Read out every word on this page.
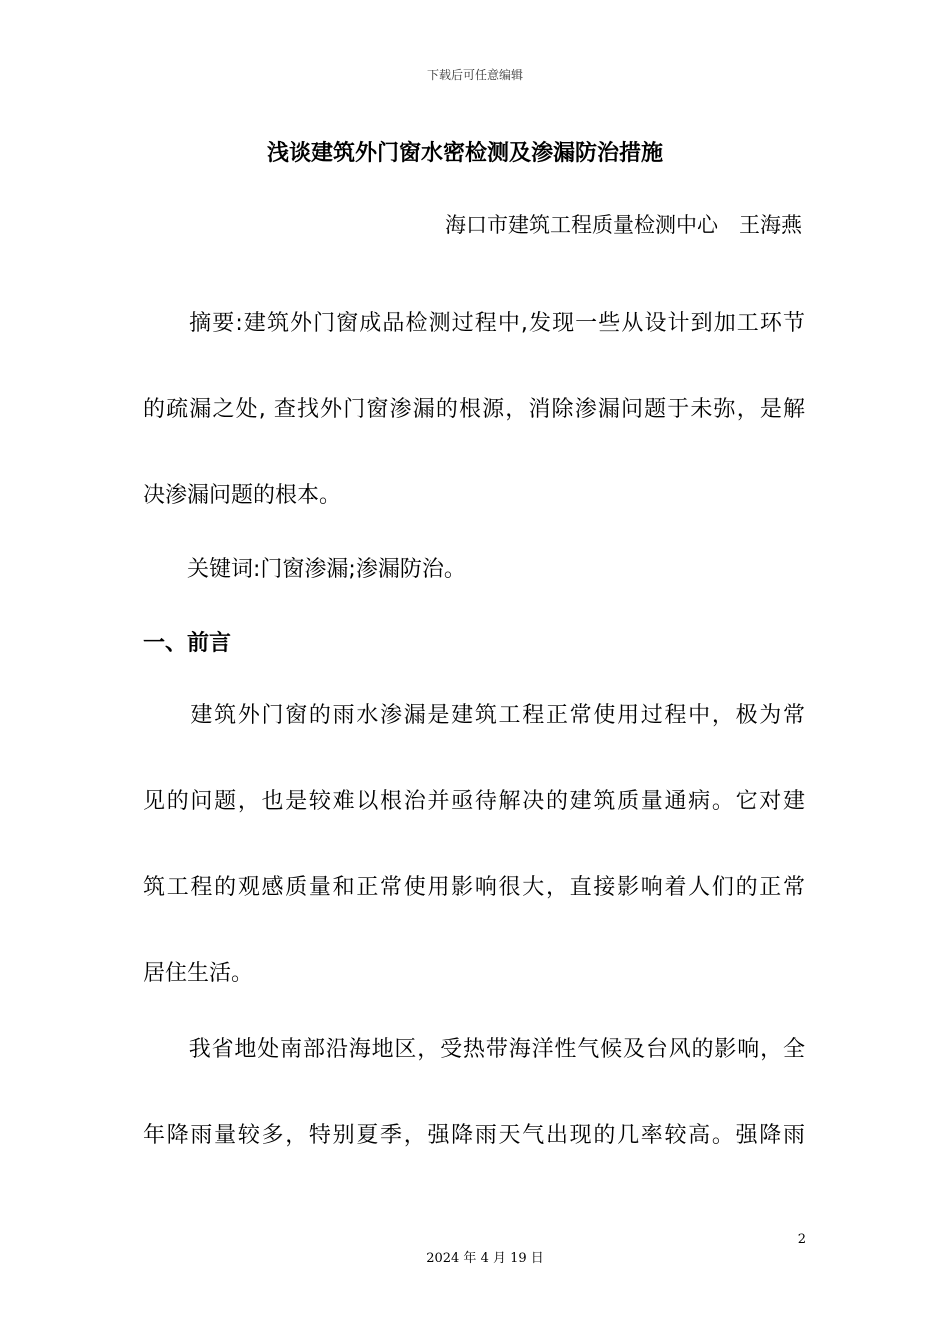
下载后可任意编辑
浅谈建筑外门窗水密检测及渗漏防治措施
海口市建筑工程质量检测中心　王海燕
　　摘要:建筑外门窗成品检测过程中,发现一些从设计到加工环节
的疏漏之处, 查找外门窗渗漏的根源，消除渗漏问题于未弥，是解
决渗漏问题的根本。
　　关键词:门窗渗漏;渗漏防治。
一、前言
　　建筑外门窗的雨水渗漏是建筑工程正常使用过程中，极为常
见的问题，也是较难以根治并亟待解决的建筑质量通病。它对建
筑工程的观感质量和正常使用影响很大，直接影响着人们的正常
居住生活。
　　我省地处南部沿海地区，受热带海洋性气候及台风的影响，全
年降雨量较多，特别夏季，强降雨天气出现的几率较高。强降雨
2
2024 年 4 月 19 日
